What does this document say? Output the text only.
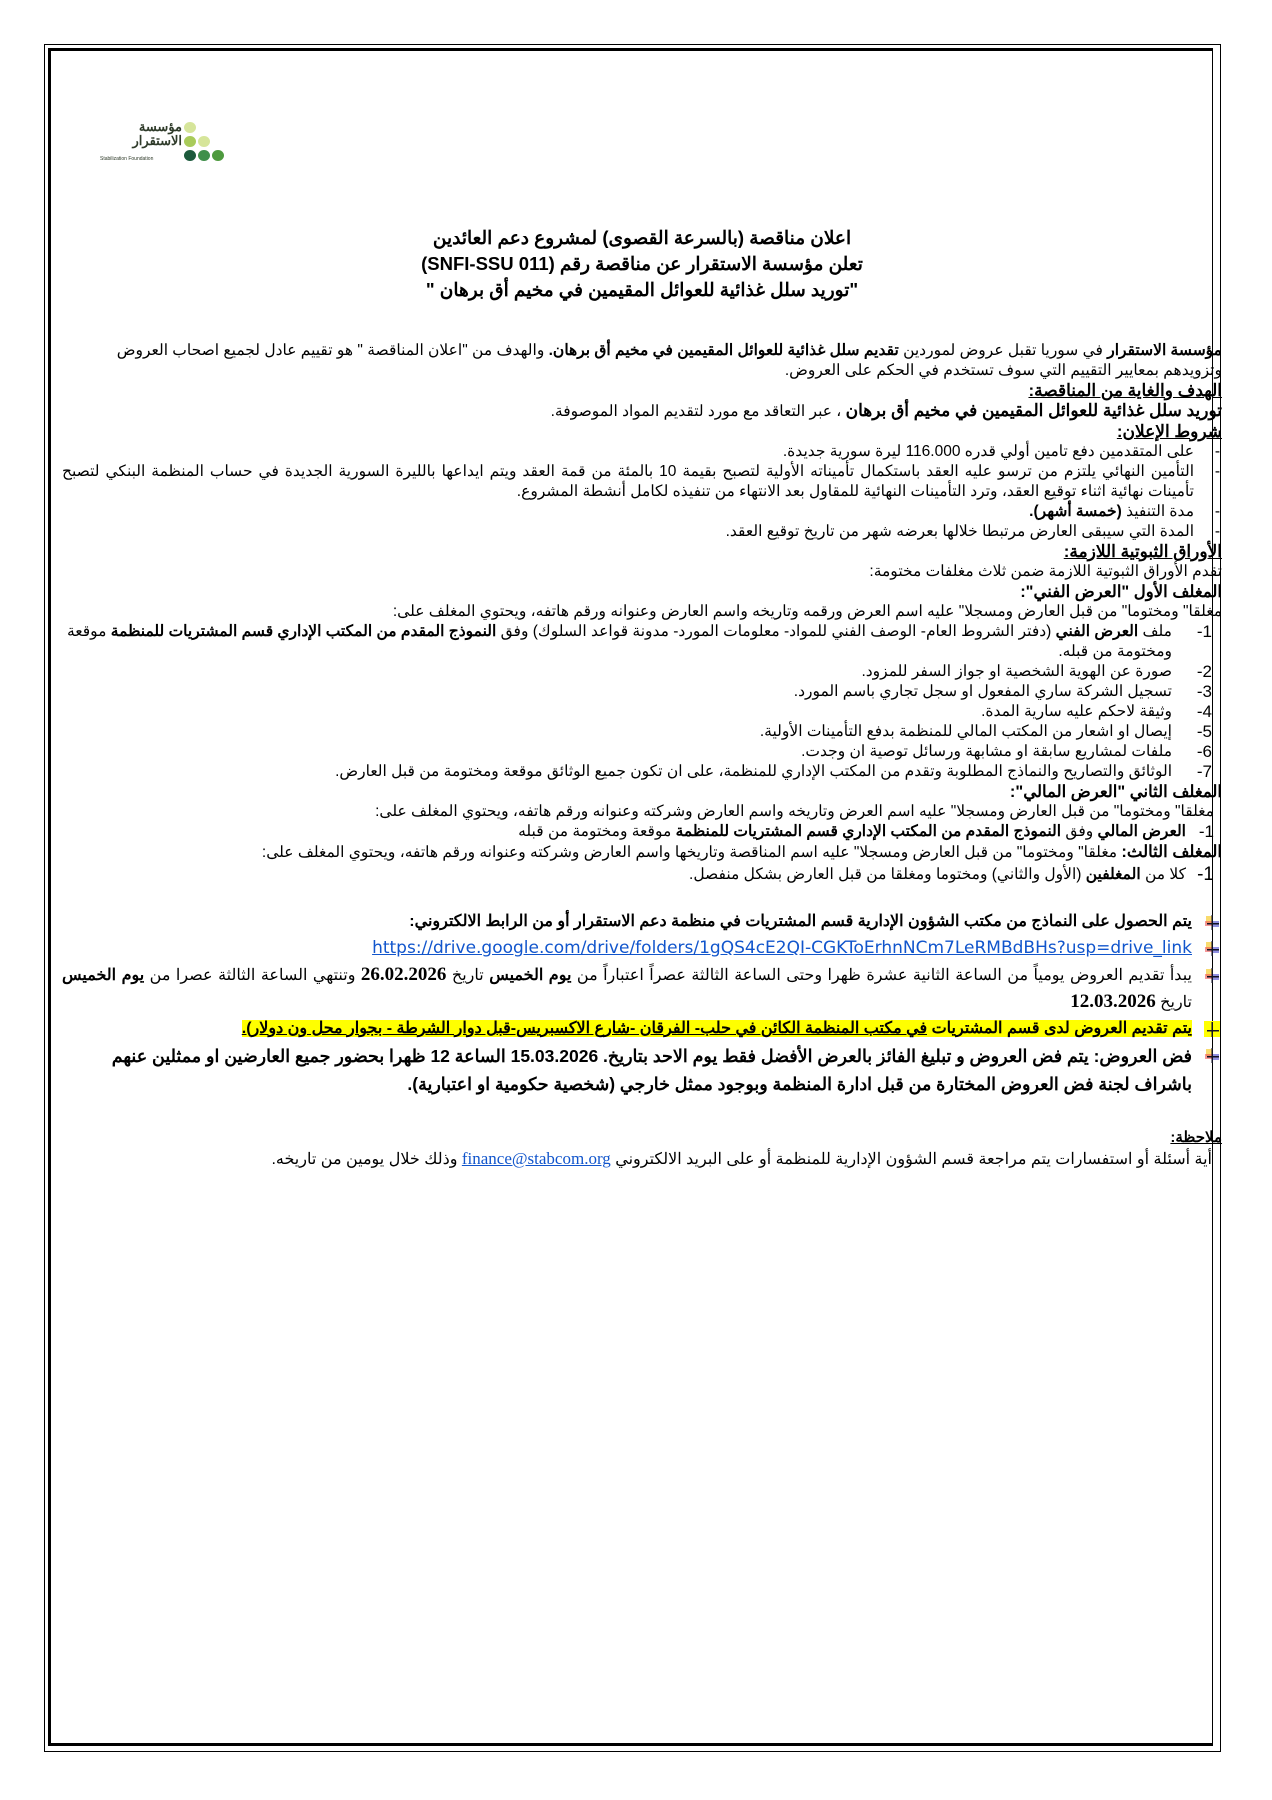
مؤسسة
الاستقرار
Stabilization Foundation
اعلان مناقصة (بالسرعة القصوى) لمشروع دعم العائدين
تعلن مؤسسة الاستقرار عن مناقصة رقم (SNFI-SSU 011)
"توريد سلل غذائية للعوائل المقيمين في مخيم أق برهان "

مؤسسة الاستقرار في سوريا تقبل عروض لموردين تقديم سلل غذائية للعوائل المقيمين في مخيم أق برهان. والهدف من "اعلان المناقصة " هو تقييم عادل لجميع اصحاب العروض وتزويدهم بمعايير التقييم التي سوف تستخدم في الحكم على العروض.

الهدف والغاية من المناقصة:

توريد سلل غذائية للعوائل المقيمين في مخيم أق برهان ، عبر التعاقد مع مورد لتقديم المواد الموصوفة.

شروط الإعلان:
- على المتقدمين دفع تامين أولي قدره 116.000 ليرة سورية جديدة.
- التأمين النهائي يلتزم من ترسو عليه العقد باستكمال تأميناته الأولية لتصبح بقيمة 10 بالمئة من قمة العقد ويتم ايداعها بالليرة السورية الجديدة في حساب المنظمة البنكي لتصبح تأمينات نهائية اثناء توقيع العقد، وترد التأمينات النهائية للمقاول بعد الانتهاء من تنفيذه لكامل أنشطة المشروع.
- مدة التنفيذ (خمسة أشهر).
- المدة التي سيبقى العارض مرتبطا خلالها بعرضه شهر من تاريخ توقيع العقد.
الأوراق الثبوتية اللازمة:

تقدم الأوراق الثبوتية اللازمة ضمن ثلاث مغلفات مختومة:

المغلف الأول "العرض الفني":

مغلقا" ومختوما" من قبل العارض ومسجلا" عليه اسم العرض ورقمه وتاريخه واسم العارض وعنوانه ورقم هاتفه، ويحتوي المغلف على:

1-
ملف العرض الفني (دفتر الشروط العام- الوصف الفني للمواد- معلومات المورد- مدونة قواعد السلوك) وفق النموذج المقدم من المكتب الإداري قسم المشتريات للمنظمة موقعة ومختومة من قبله.
2-
صورة عن الهوية الشخصية او جواز السفر للمزود.
3-
تسجيل الشركة ساري المفعول او سجل تجاري باسم المورد.
4-
وثيقة لاحكم عليه سارية المدة.
5-
إيصال او اشعار من المكتب المالي للمنظمة بدفع التأمينات الأولية.
6-
ملفات لمشاريع سابقة او مشابهة ورسائل توصية ان وجدت.
7-
الوثائق والتصاريح والنماذج المطلوبة وتقدم من المكتب الإداري للمنظمة، على ان تكون جميع الوثائق موقعة ومختومة من قبل العارض.
المغلف الثاني "العرض المالي":

مغلقا" ومختوما" من قبل العارض ومسجلا" عليه اسم العرض وتاريخه واسم العارض وشركته وعنوانه ورقم هاتفه، ويحتوي المغلف على:

1-
العرض المالي وفق النموذج المقدم من المكتب الإداري قسم المشتريات للمنظمة موقعة ومختومة من قبله

المغلف الثالث: مغلقا" ومختوما" من قبل العارض ومسجلا" عليه اسم المناقصة وتاريخها واسم العارض وشركته وعنوانه ورقم هاتفه، ويحتوي المغلف على:

1-
كلا من المغلفين (الأول والثاني) ومختوما ومغلقا من قبل العارض بشكل منفصل.
يتم الحصول على النماذج من مكتب الشؤون الإدارية قسم المشتريات في منظمة دعم الاستقرار أو من الرابط الالكتروني:
https://drive.google.com/drive/folders/1gQS4cE2QI-CGKToErhnNCm7LeRMBdBHs?usp=drive_link
يبدأ تقديم العروض يومياً من الساعة الثانية عشرة ظهرا وحتى الساعة الثالثة عصراً اعتباراً من يوم الخميس تاريخ 26.02.2026 وتنتهي الساعة الثالثة عصرا من يوم الخميس تاريخ 12.03.2026
يتم تقديم العروض لدى قسم المشتريات في مكتب المنظمة الكائن في حلب- الفرقان -شارع الاكسبريس-قبل دوار الشرطة - بجوار محل ون دولار).
فض العروض: يتم فض العروض و تبليغ الفائز بالعرض الأفضل فقط يوم الاحد بتاريخ. 15.03.2026 الساعة 12 ظهرا بحضور جميع العارضين او ممثلين عنهم باشراف لجنة فض العروض المختارة من قبل ادارة المنظمة وبوجود ممثل خارجي (شخصية حكومية او اعتبارية).
ملاحظة:

أية أسئلة أو استفسارات يتم مراجعة قسم الشؤون الإدارية للمنظمة أو على البريد الالكتروني finance@stabcom.org وذلك خلال يومين من تاريخه.
